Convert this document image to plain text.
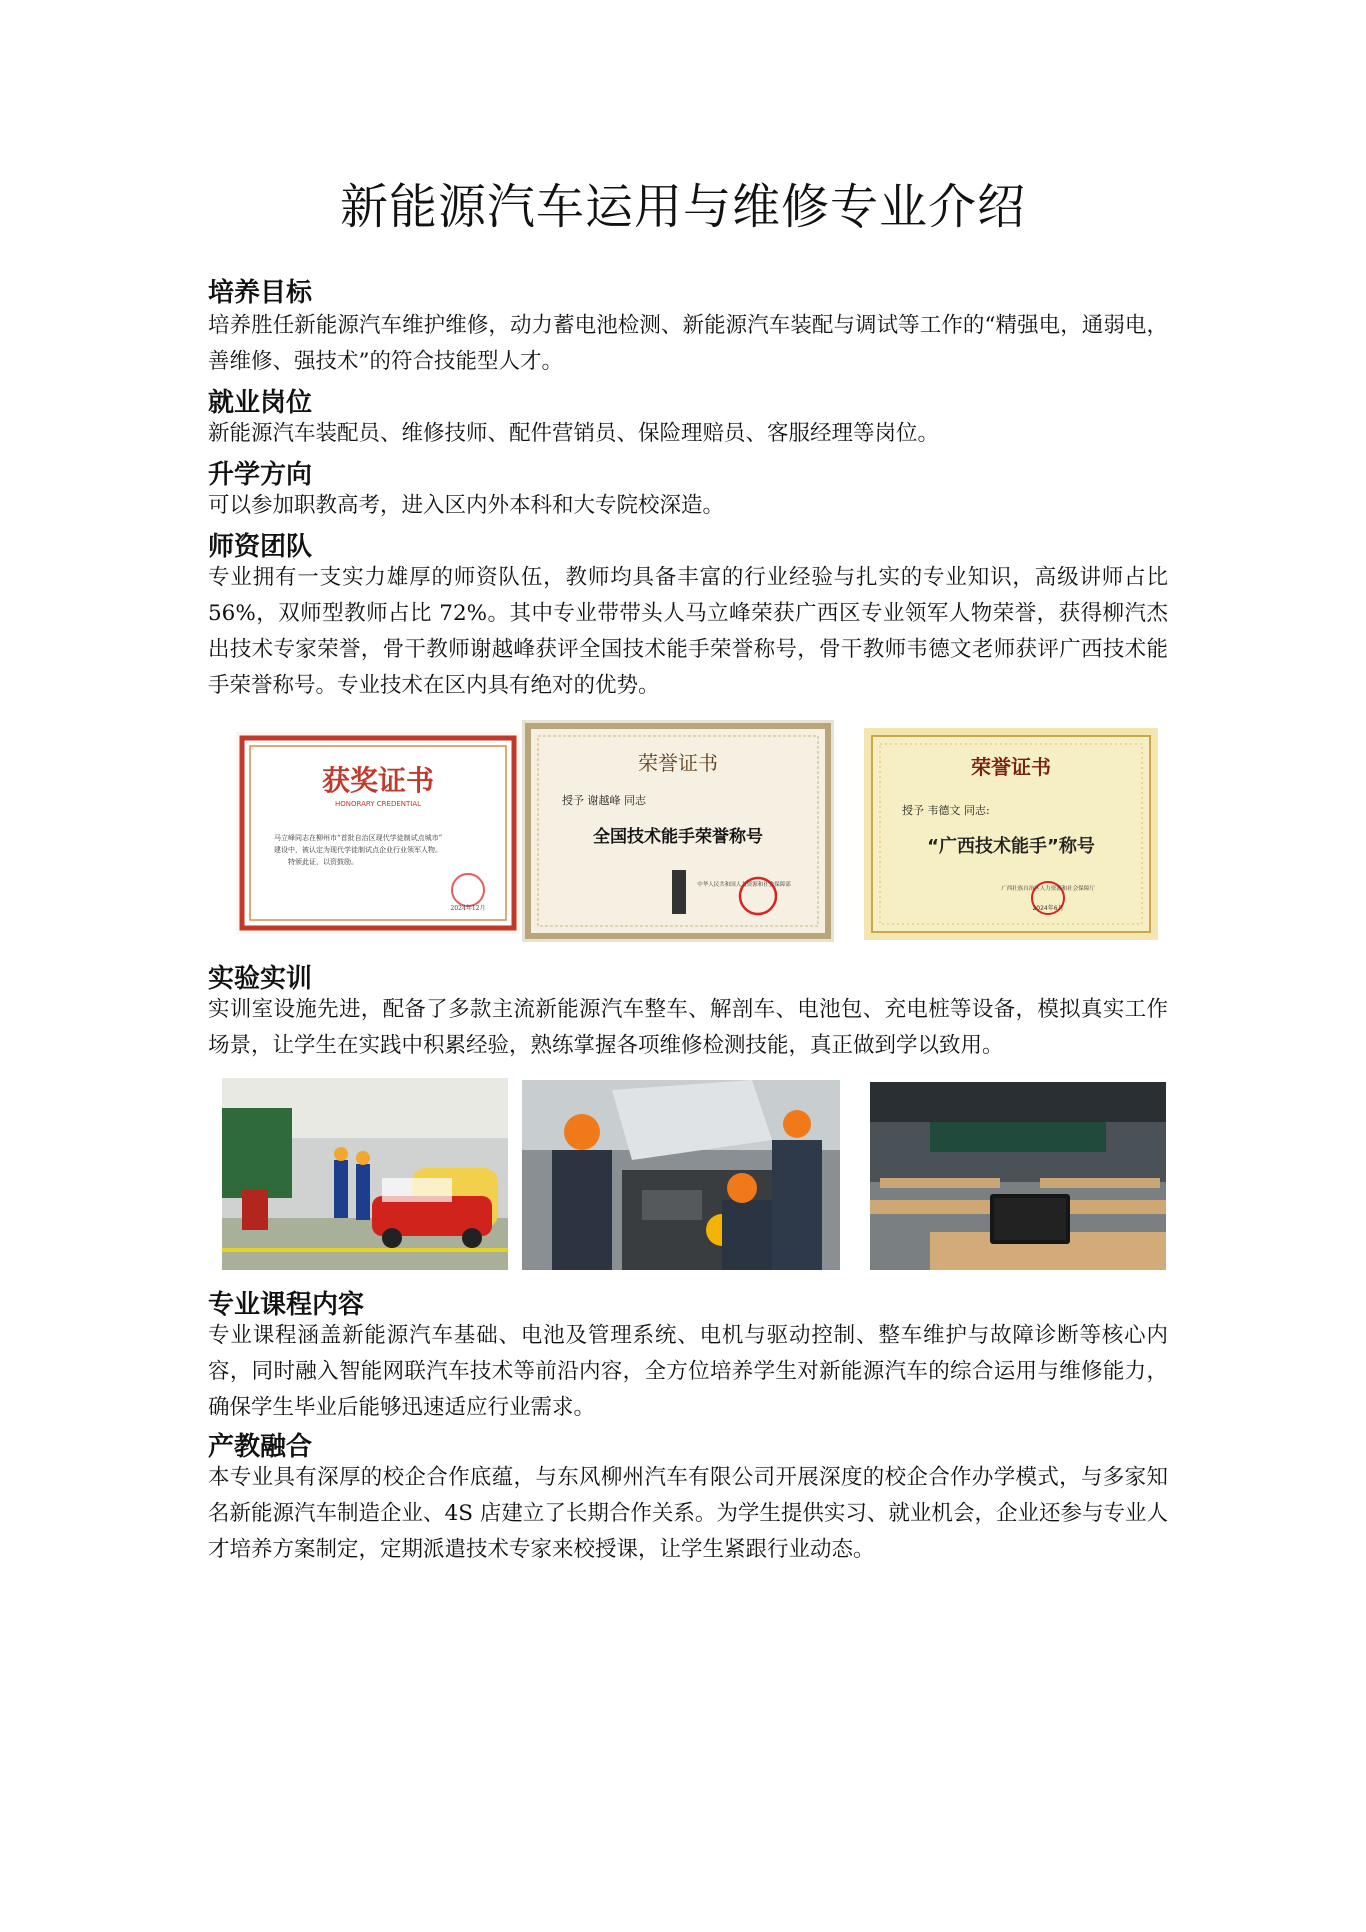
新能源汽车运用与维修专业介绍
培养目标

培养胜任新能源汽车维护维修，动力蓄电池检测、新能源汽车装配与调试等工作的“精强电，通弱电，善维修、强技术”的符合技能型人才。

就业岗位

新能源汽车装配员、维修技师、配件营销员、保险理赔员、客服经理等岗位。

升学方向

可以参加职教高考，进入区内外本科和大专院校深造。

师资团队

专业拥有一支实力雄厚的师资队伍，教师均具备丰富的行业经验与扎实的专业知识，高级讲师占比 56%，双师型教师占比 72%。其中专业带带头人马立峰荣获广西区专业领军人物荣誉，获得柳汽杰出技术专家荣誉，骨干教师谢越峰获评全国技术能手荣誉称号，骨干教师韦德文老师获评广西技术能手荣誉称号。专业技术在区内具有绝对的优势。

获奖证书
HONORARY CREDENTIAL
马立峰同志在柳州市“首批自治区现代学徒制试点城市”
建设中，被认定为现代学徒制试点企业行业领军人物。
特颁此证，以资鼓励。
2024年12月
荣誉证书
授予 谢越峰 同志
全国技术能手荣誉称号
中华人民共和国人力资源和社会保障部
荣誉证书
授予 韦德文 同志:
“广西技术能手”称号
广西壮族自治区人力资源和社会保障厅
2024年6月
实验实训

实训室设施先进，配备了多款主流新能源汽车整车、解剖车、电池包、充电桩等设备，模拟真实工作场景，让学生在实践中积累经验，熟练掌握各项维修检测技能，真正做到学以致用。

专业课程内容

专业课程涵盖新能源汽车基础、电池及管理系统、电机与驱动控制、整车维护与故障诊断等核心内容，同时融入智能网联汽车技术等前沿内容，全方位培养学生对新能源汽车的综合运用与维修能力，确保学生毕业后能够迅速适应行业需求。

产教融合

本专业具有深厚的校企合作底蕴，与东风柳州汽车有限公司开展深度的校企合作办学模式，与多家知名新能源汽车制造企业、4S 店建立了长期合作关系。为学生提供实习、就业机会，企业还参与专业人才培养方案制定，定期派遣技术专家来校授课，让学生紧跟行业动态。
